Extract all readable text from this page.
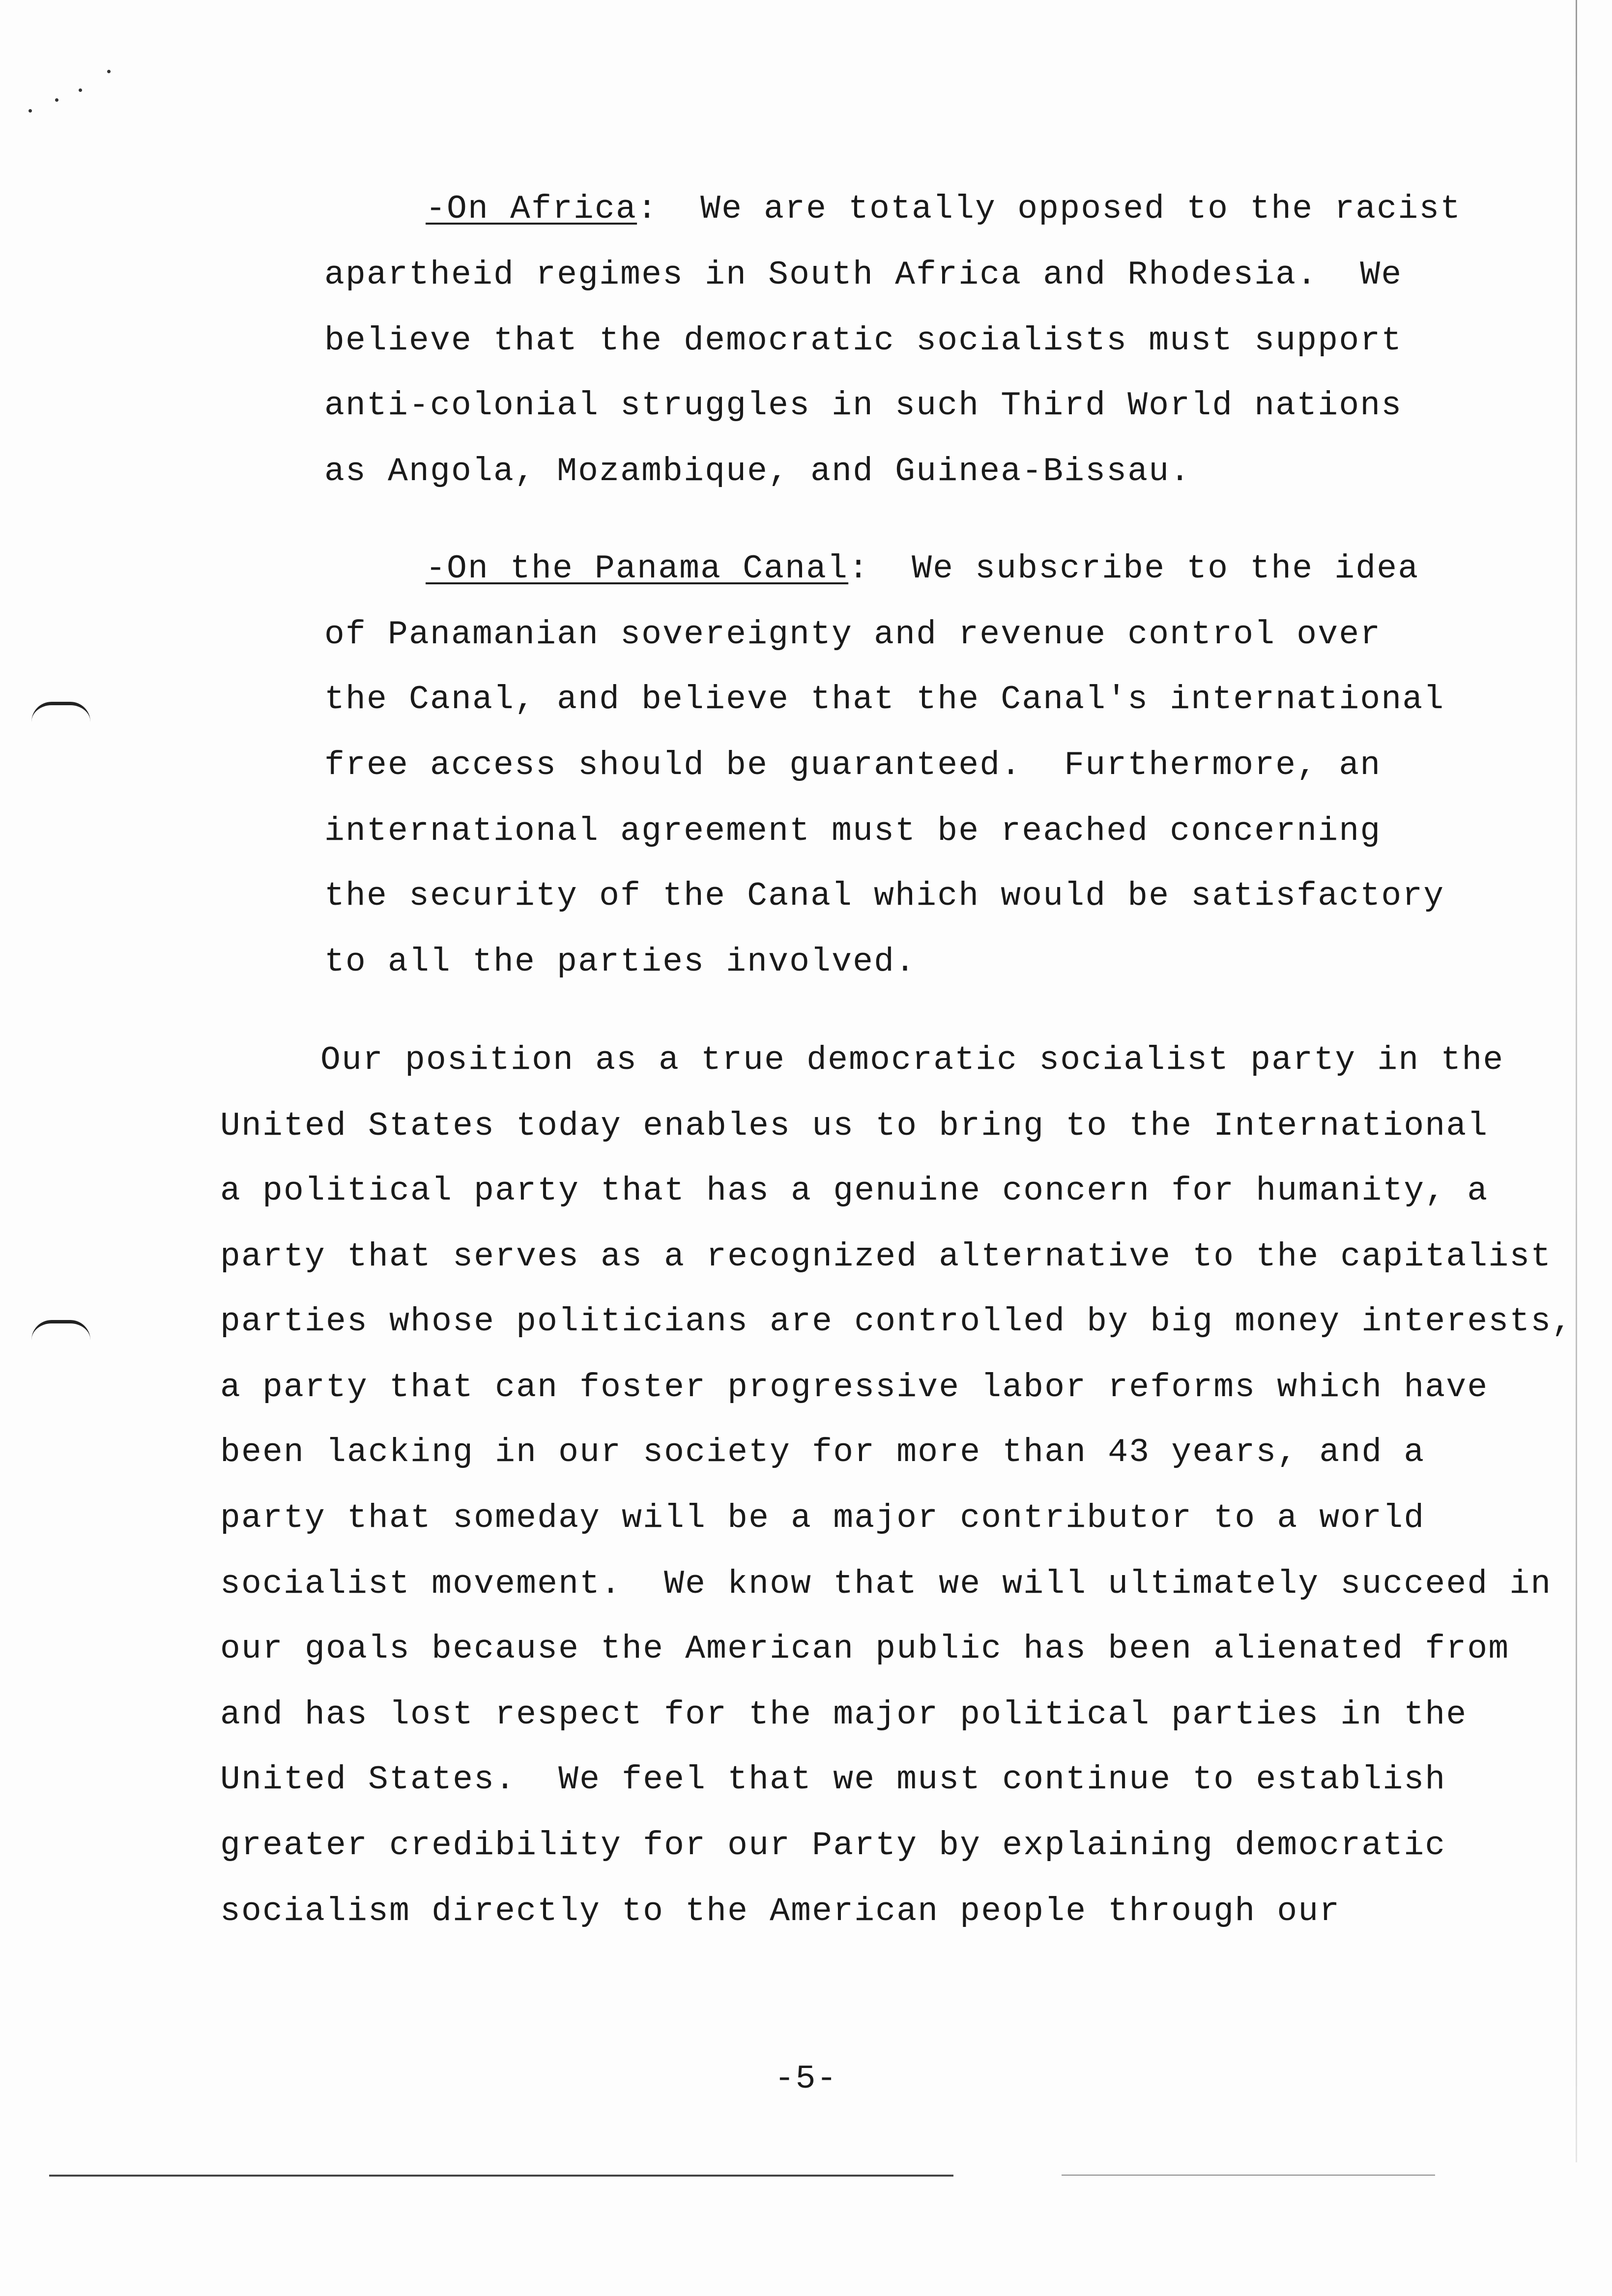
-On Africa:  We are totally opposed to the racist
apartheid regimes in South Africa and Rhodesia.  We
believe that the democratic socialists must support
anti-colonial struggles in such Third World nations
as Angola, Mozambique, and Guinea-Bissau.
-On the Panama Canal:  We subscribe to the idea
of Panamanian sovereignty and revenue control over
the Canal, and believe that the Canal's international
free access should be guaranteed.  Furthermore, an
international agreement must be reached concerning
the security of the Canal which would be satisfactory
to all the parties involved.
Our position as a true democratic socialist party in the
United States today enables us to bring to the International
a political party that has a genuine concern for humanity, a
party that serves as a recognized alternative to the capitalist
parties whose politicians are controlled by big money interests,
a party that can foster progressive labor reforms which have
been lacking in our society for more than 43 years, and a
party that someday will be a major contributor to a world
socialist movement.  We know that we will ultimately succeed in
our goals because the American public has been alienated from
and has lost respect for the major political parties in the
United States.  We feel that we must continue to establish
greater credibility for our Party by explaining democratic
socialism directly to the American people through our
-5-
